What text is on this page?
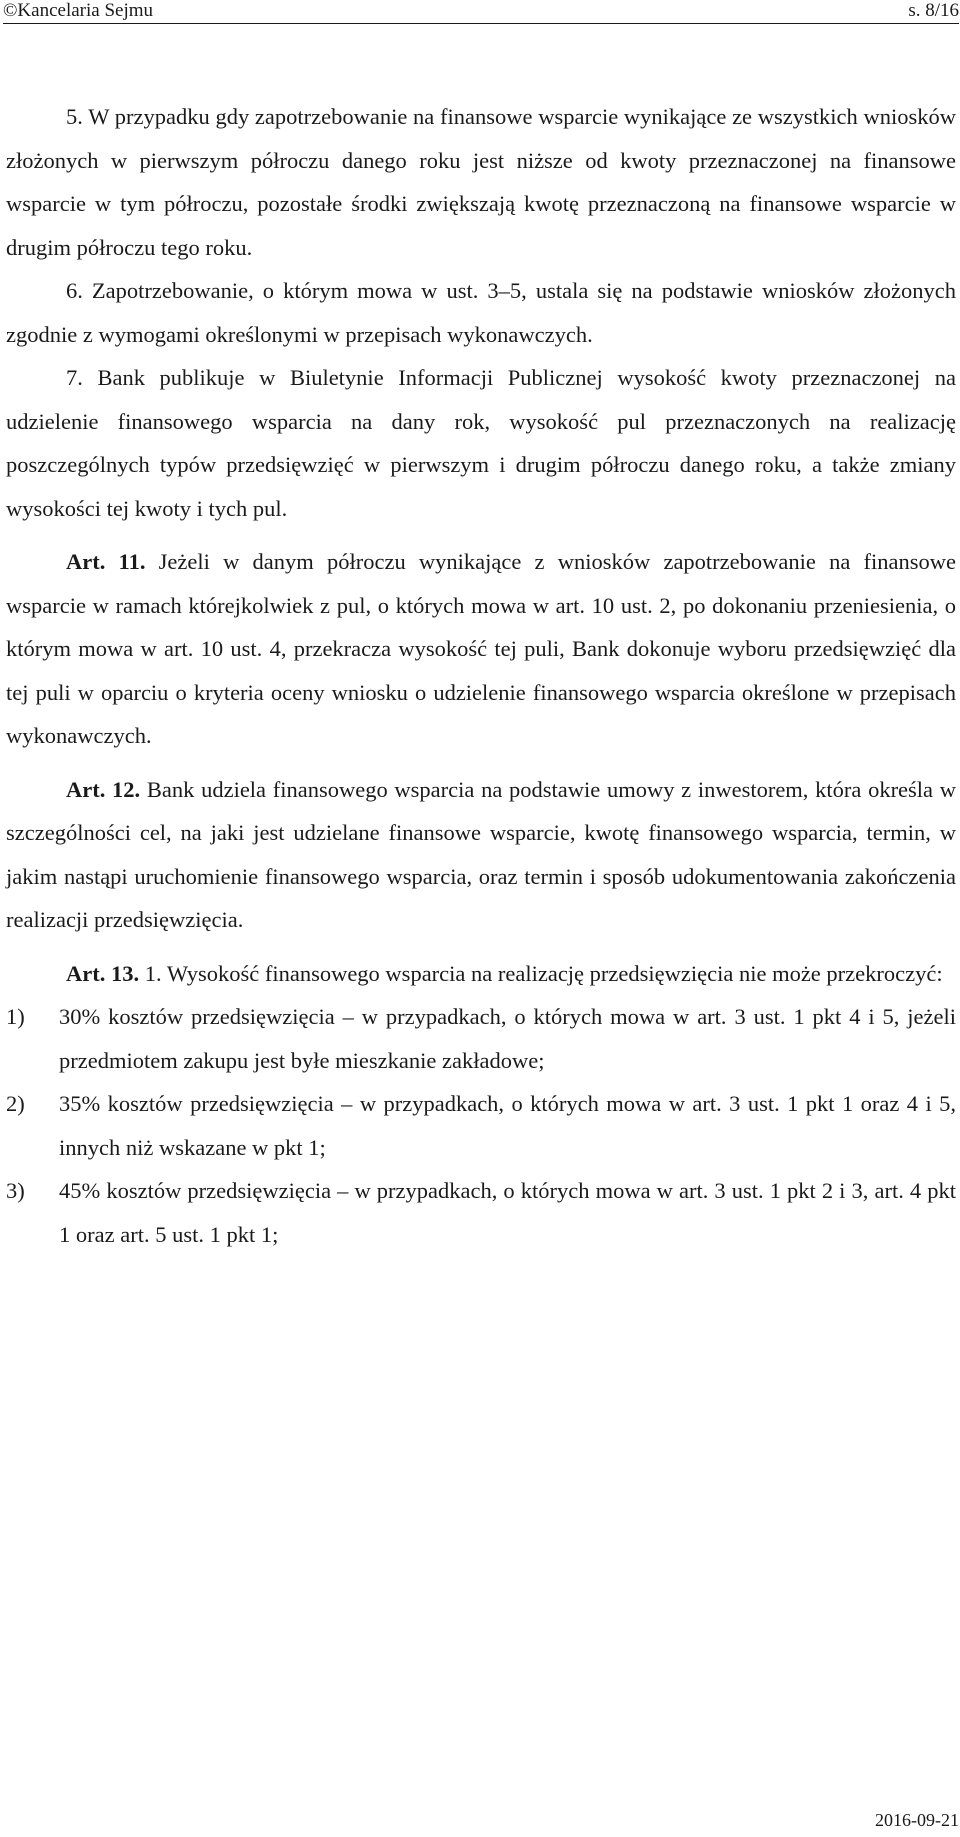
©Kancelaria Sejmu	s. 8/16

5. W przypadku gdy zapotrzebowanie na finansowe wsparcie wynikające ze wszystkich wniosków złożonych w pierwszym półroczu danego roku jest niższe od kwoty przeznaczonej na finansowe wsparcie w tym półroczu, pozostałe środki zwiększają kwotę przeznaczoną na finansowe wsparcie w drugim półroczu tego roku.

6. Zapotrzebowanie, o którym mowa w ust. 3–5, ustala się na podstawie wniosków złożonych zgodnie z wymogami określonymi w przepisach wykonawczych.

7. Bank publikuje w Biuletynie Informacji Publicznej wysokość kwoty przeznaczonej na udzielenie finansowego wsparcia na dany rok, wysokość pul przeznaczonych na realizację poszczególnych typów przedsięwzięć w pierwszym i drugim półroczu danego roku, a także zmiany wysokości tej kwoty i tych pul.

Art. 11. Jeżeli w danym półroczu wynikające z wniosków zapotrzebowanie na finansowe wsparcie w ramach którejkolwiek z pul, o których mowa w art. 10 ust. 2, po dokonaniu przeniesienia, o którym mowa w art. 10 ust. 4, przekracza wysokość tej puli, Bank dokonuje wyboru przedsięwzięć dla tej puli w oparciu o kryteria oceny wniosku o udzielenie finansowego wsparcia określone w przepisach wykonawczych.

Art. 12. Bank udziela finansowego wsparcia na podstawie umowy z inwestorem, która określa w szczególności cel, na jaki jest udzielane finansowe wsparcie, kwotę finansowego wsparcia, termin, w jakim nastąpi uruchomienie finansowego wsparcia, oraz termin i sposób udokumentowania zakończenia realizacji przedsięwzięcia.

Art. 13. 1. Wysokość finansowego wsparcia na realizację przedsięwzięcia nie może przekroczyć:

1) 30% kosztów przedsięwzięcia – w przypadkach, o których mowa w art. 3 ust. 1 pkt 4 i 5, jeżeli przedmiotem zakupu jest byłe mieszkanie zakładowe;
2) 35% kosztów przedsięwzięcia – w przypadkach, o których mowa w art. 3 ust. 1 pkt 1 oraz 4 i 5, innych niż wskazane w pkt 1;
3) 45% kosztów przedsięwzięcia – w przypadkach, o których mowa w art. 3 ust. 1 pkt 2 i 3, art. 4 pkt 1 oraz art. 5 ust. 1 pkt 1;
2016-09-21
